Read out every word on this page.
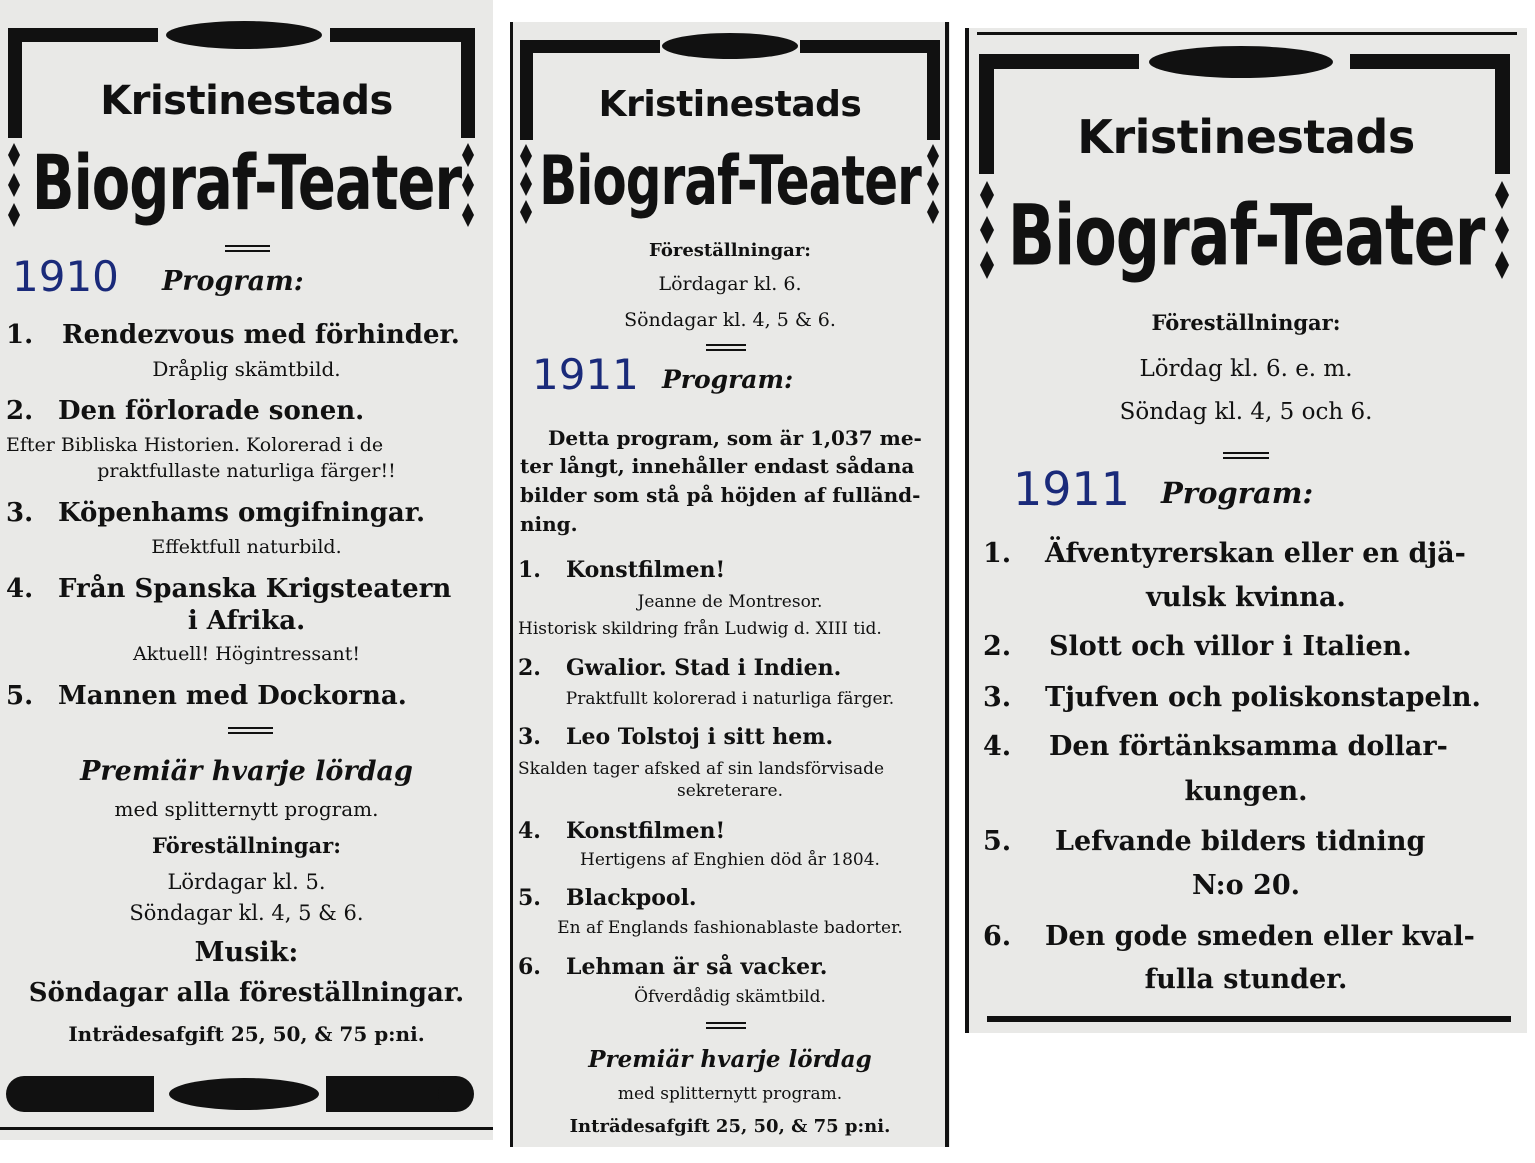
Kristinestads
Biograf-Teater
Program:
1. Rendezvous med förhinder.
Dråplig skämtbild.
2. Den förlorade sonen.
Efter Bibliska Historien. Kolorerad i de
praktfullaste naturliga färger!!
3. Köpenhams omgifningar.
Effektfull naturbild.
4. Från Spanska Krigsteatern
i Afrika.
Aktuell! Högintressant!
5. Mannen med Dockorna.
Premiär hvarje lördag
med splitternytt program.
Föreställningar:
Lördagar kl. 5.
Söndagar kl. 4, 5 & 6.
Musik:
Söndagar alla föreställningar.
Inträdesafgift 25, 50, & 75 p:ni.
1910
Kristinestads
Biograf-Teater
Föreställningar:
Lördagar kl. 6.
Söndagar kl. 4, 5 & 6.
Program:
Detta program, som är 1,037 me-
ter långt, innehåller endast sådana
bilder som stå på höjden af fulländ-
ning.
1. Konstfilmen!
Jeanne de Montresor.
Historisk skildring från Ludwig d. XIII tid.
2. Gwalior. Stad i Indien.
Praktfullt kolorerad i naturliga färger.
3. Leo Tolstoj i sitt hem.
Skalden tager afsked af sin landsförvisade
sekreterare.
4. Konstfilmen!
Hertigens af Enghien död år 1804.
5. Blackpool.
En af Englands fashionablaste badorter.
6. Lehman är så vacker.
Öfverdådig skämtbild.
Premiär hvarje lördag
med splitternytt program.
Inträdesafgift 25, 50, & 75 p:ni.
1911
Kristinestads
Biograf-Teater
Föreställningar:
Lördag kl. 6. e. m.
Söndag kl. 4, 5 och 6.
Program:
1. Äfventyrerskan eller en djä-
vulsk kvinna.
2. Slott och villor i Italien.
3. Tjufven och poliskonstapeln.
4. Den förtänksamma dollar-
kungen.
5. Lefvande bilders tidning
N:o 20.
6. Den gode smeden eller kval-
fulla stunder.
1911
